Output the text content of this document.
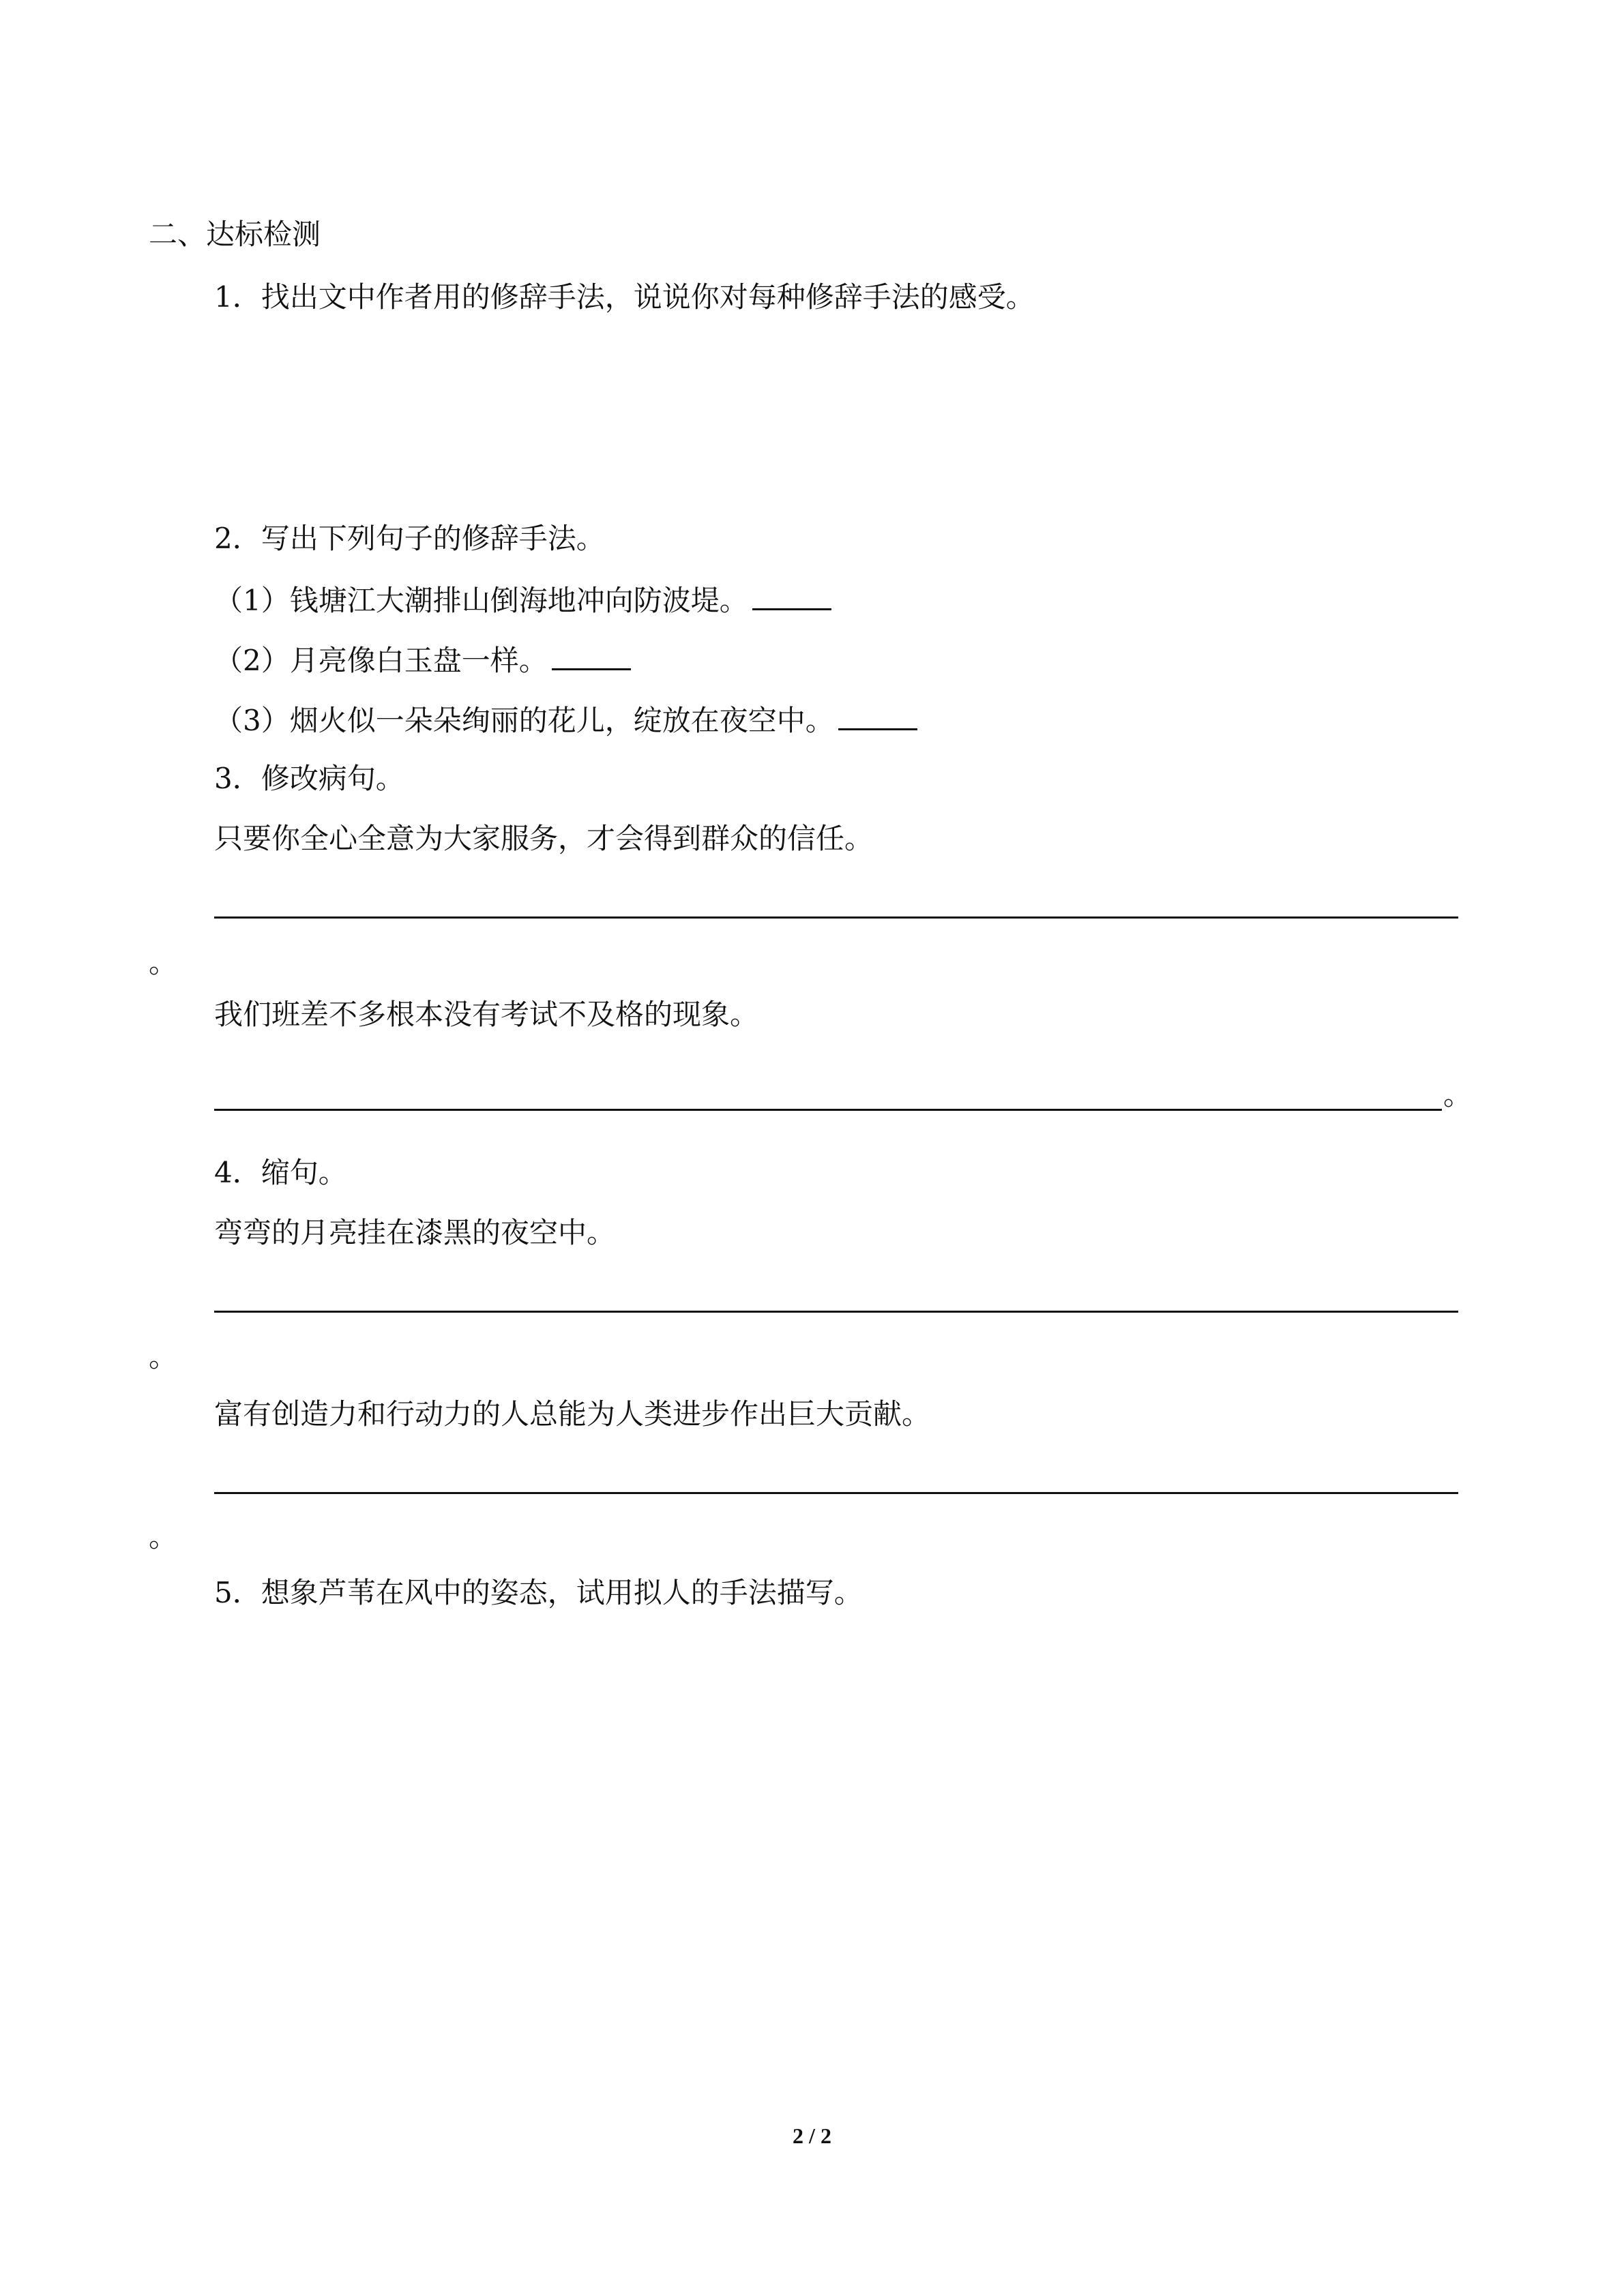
二、达标检测
1．找出文中作者用的修辞手法，说说你对每种修辞手法的感受。
2．写出下列句子的修辞手法。
（1）钱塘江大潮排山倒海地冲向防波堤。
（2）月亮像白玉盘一样。
（3）烟火似一朵朵绚丽的花儿，绽放在夜空中。
3．修改病句。
只要你全心全意为大家服务，才会得到群众的信任。
。
我们班差不多根本没有考试不及格的现象。
。
4．缩句。
弯弯的月亮挂在漆黑的夜空中。
。
富有创造力和行动力的人总能为人类进步作出巨大贡献。
。
5．想象芦苇在风中的姿态，试用拟人的手法描写。
2 / 2
